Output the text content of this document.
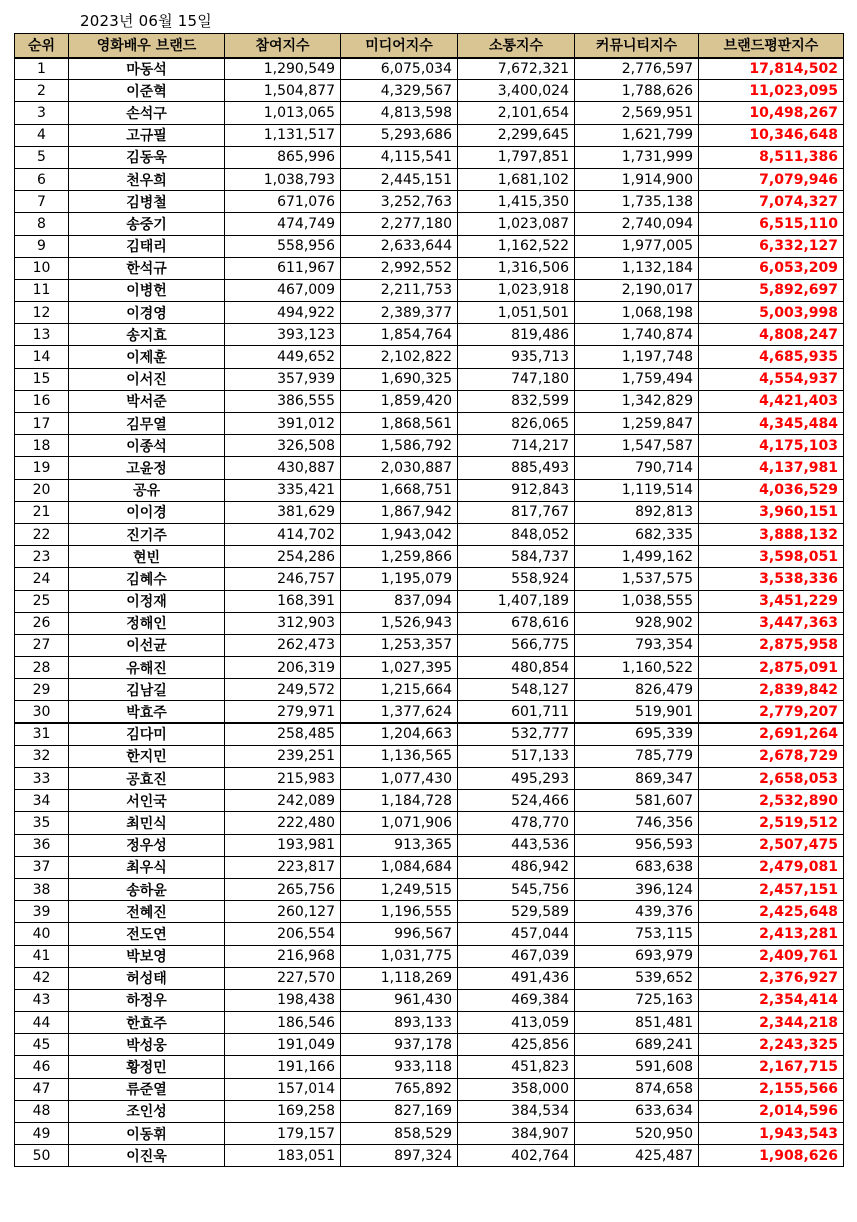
2023년 06월 15일
순위	영화배우 브랜드	참여지수	미디어지수	소통지수	커뮤니티지수	브랜드평판지수
1	마동석	1,290,549	6,075,034	7,672,321	2,776,597	17,814,502
2	이준혁	1,504,877	4,329,567	3,400,024	1,788,626	11,023,095
3	손석구	1,013,065	4,813,598	2,101,654	2,569,951	10,498,267
4	고규필	1,131,517	5,293,686	2,299,645	1,621,799	10,346,648
5	김동욱	865,996	4,115,541	1,797,851	1,731,999	8,511,386
6	천우희	1,038,793	2,445,151	1,681,102	1,914,900	7,079,946
7	김병철	671,076	3,252,763	1,415,350	1,735,138	7,074,327
8	송중기	474,749	2,277,180	1,023,087	2,740,094	6,515,110
9	김태리	558,956	2,633,644	1,162,522	1,977,005	6,332,127
10	한석규	611,967	2,992,552	1,316,506	1,132,184	6,053,209
11	이병헌	467,009	2,211,753	1,023,918	2,190,017	5,892,697
12	이경영	494,922	2,389,377	1,051,501	1,068,198	5,003,998
13	송지효	393,123	1,854,764	819,486	1,740,874	4,808,247
14	이제훈	449,652	2,102,822	935,713	1,197,748	4,685,935
15	이서진	357,939	1,690,325	747,180	1,759,494	4,554,937
16	박서준	386,555	1,859,420	832,599	1,342,829	4,421,403
17	김무열	391,012	1,868,561	826,065	1,259,847	4,345,484
18	이종석	326,508	1,586,792	714,217	1,547,587	4,175,103
19	고윤정	430,887	2,030,887	885,493	790,714	4,137,981
20	공유	335,421	1,668,751	912,843	1,119,514	4,036,529
21	이이경	381,629	1,867,942	817,767	892,813	3,960,151
22	진기주	414,702	1,943,042	848,052	682,335	3,888,132
23	현빈	254,286	1,259,866	584,737	1,499,162	3,598,051
24	김혜수	246,757	1,195,079	558,924	1,537,575	3,538,336
25	이정재	168,391	837,094	1,407,189	1,038,555	3,451,229
26	정해인	312,903	1,526,943	678,616	928,902	3,447,363
27	이선균	262,473	1,253,357	566,775	793,354	2,875,958
28	유해진	206,319	1,027,395	480,854	1,160,522	2,875,091
29	김남길	249,572	1,215,664	548,127	826,479	2,839,842
30	박효주	279,971	1,377,624	601,711	519,901	2,779,207
31	김다미	258,485	1,204,663	532,777	695,339	2,691,264
32	한지민	239,251	1,136,565	517,133	785,779	2,678,729
33	공효진	215,983	1,077,430	495,293	869,347	2,658,053
34	서인국	242,089	1,184,728	524,466	581,607	2,532,890
35	최민식	222,480	1,071,906	478,770	746,356	2,519,512
36	정우성	193,981	913,365	443,536	956,593	2,507,475
37	최우식	223,817	1,084,684	486,942	683,638	2,479,081
38	송하윤	265,756	1,249,515	545,756	396,124	2,457,151
39	전혜진	260,127	1,196,555	529,589	439,376	2,425,648
40	전도연	206,554	996,567	457,044	753,115	2,413,281
41	박보영	216,968	1,031,775	467,039	693,979	2,409,761
42	허성태	227,570	1,118,269	491,436	539,652	2,376,927
43	하정우	198,438	961,430	469,384	725,163	2,354,414
44	한효주	186,546	893,133	413,059	851,481	2,344,218
45	박성웅	191,049	937,178	425,856	689,241	2,243,325
46	황정민	191,166	933,118	451,823	591,608	2,167,715
47	류준열	157,014	765,892	358,000	874,658	2,155,566
48	조인성	169,258	827,169	384,534	633,634	2,014,596
49	이동휘	179,157	858,529	384,907	520,950	1,943,543
50	이진욱	183,051	897,324	402,764	425,487	1,908,626
